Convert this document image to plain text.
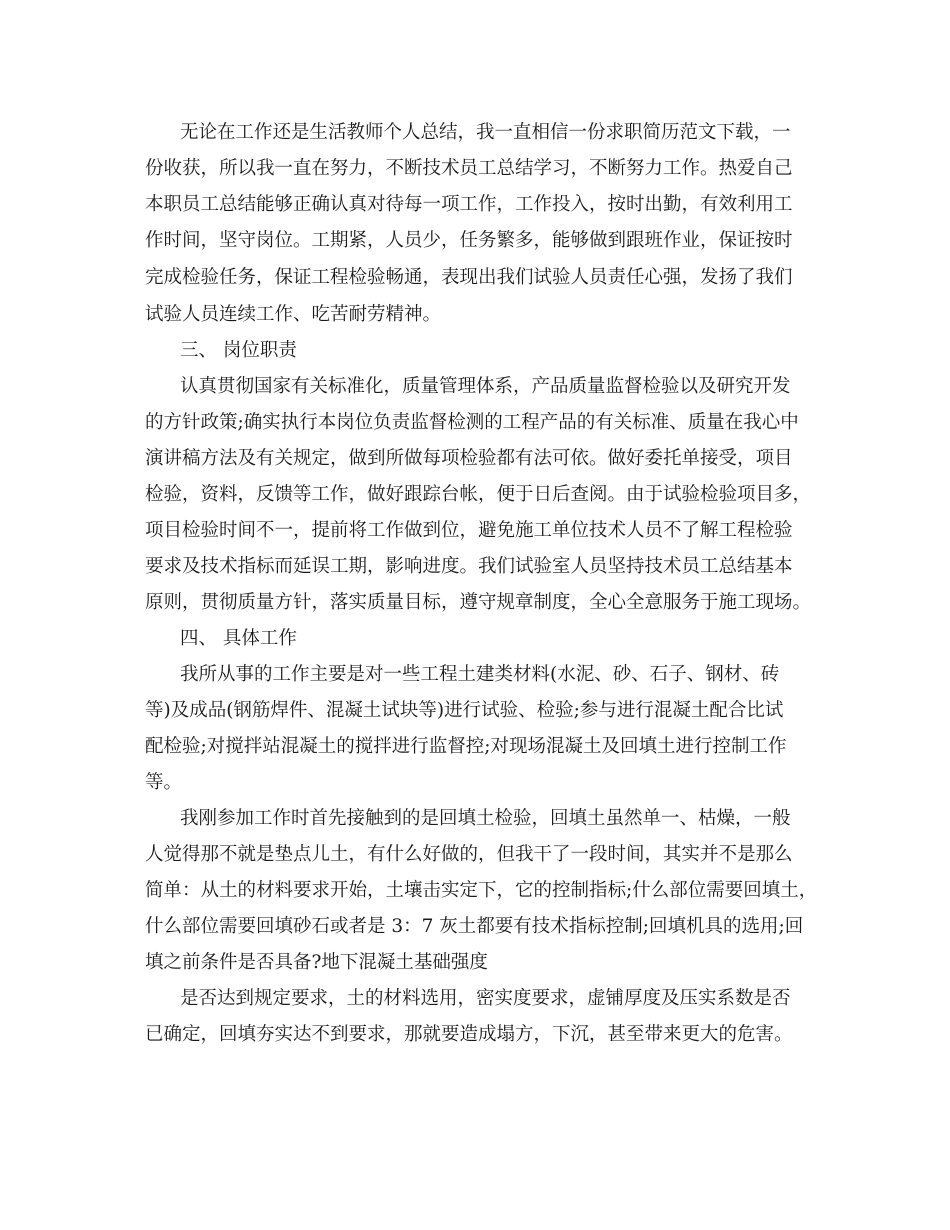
无论在工作还是生活教师个人总结，我一直相信一份求职简历范文下载，一
份收获，所以我一直在努力，不断技术员工总结学习，不断努力工作。热爱自己
本职员工总结能够正确认真对待每一项工作，工作投入，按时出勤，有效利用工
作时间，坚守岗位。工期紧，人员少，任务繁多，能够做到跟班作业，保证按时
完成检验任务，保证工程检验畅通，表现出我们试验人员责任心强，发扬了我们
试验人员连续工作、吃苦耐劳精神。
三、 岗位职责
认真贯彻国家有关标准化，质量管理体系，产品质量监督检验以及研究开发
的方针政策;确实执行本岗位负责监督检测的工程产品的有关标准、质量在我心中
演讲稿方法及有关规定，做到所做每项检验都有法可依。做好委托单接受，项目
检验，资料，反馈等工作，做好跟踪台帐，便于日后查阅。由于试验检验项目多，
项目检验时间不一，提前将工作做到位，避免施工单位技术人员不了解工程检验
要求及技术指标而延误工期，影响进度。我们试验室人员坚持技术员工总结基本
原则，贯彻质量方针，落实质量目标，遵守规章制度，全心全意服务于施工现场。
四、 具体工作
我所从事的工作主要是对一些工程土建类材料(水泥、砂、石子、钢材、砖
等)及成品(钢筋焊件、混凝土试块等)进行试验、检验;参与进行混凝土配合比试
配检验;对搅拌站混凝土的搅拌进行监督控;对现场混凝土及回填土进行控制工作
等。
我刚参加工作时首先接触到的是回填土检验，回填土虽然单一、枯燥，一般
人觉得那不就是垫点儿土，有什么好做的，但我干了一段时间，其实并不是那么
简单：从土的材料要求开始，土壤击实定下，它的控制指标;什么部位需要回填土，
什么部位需要回填砂石或者是 3：7 灰土都要有技术指标控制;回填机具的选用;回
填之前条件是否具备?地下混凝土基础强度
是否达到规定要求，土的材料选用，密实度要求，虚铺厚度及压实系数是否
已确定，回填夯实达不到要求，那就要造成塌方，下沉，甚至带来更大的危害。
